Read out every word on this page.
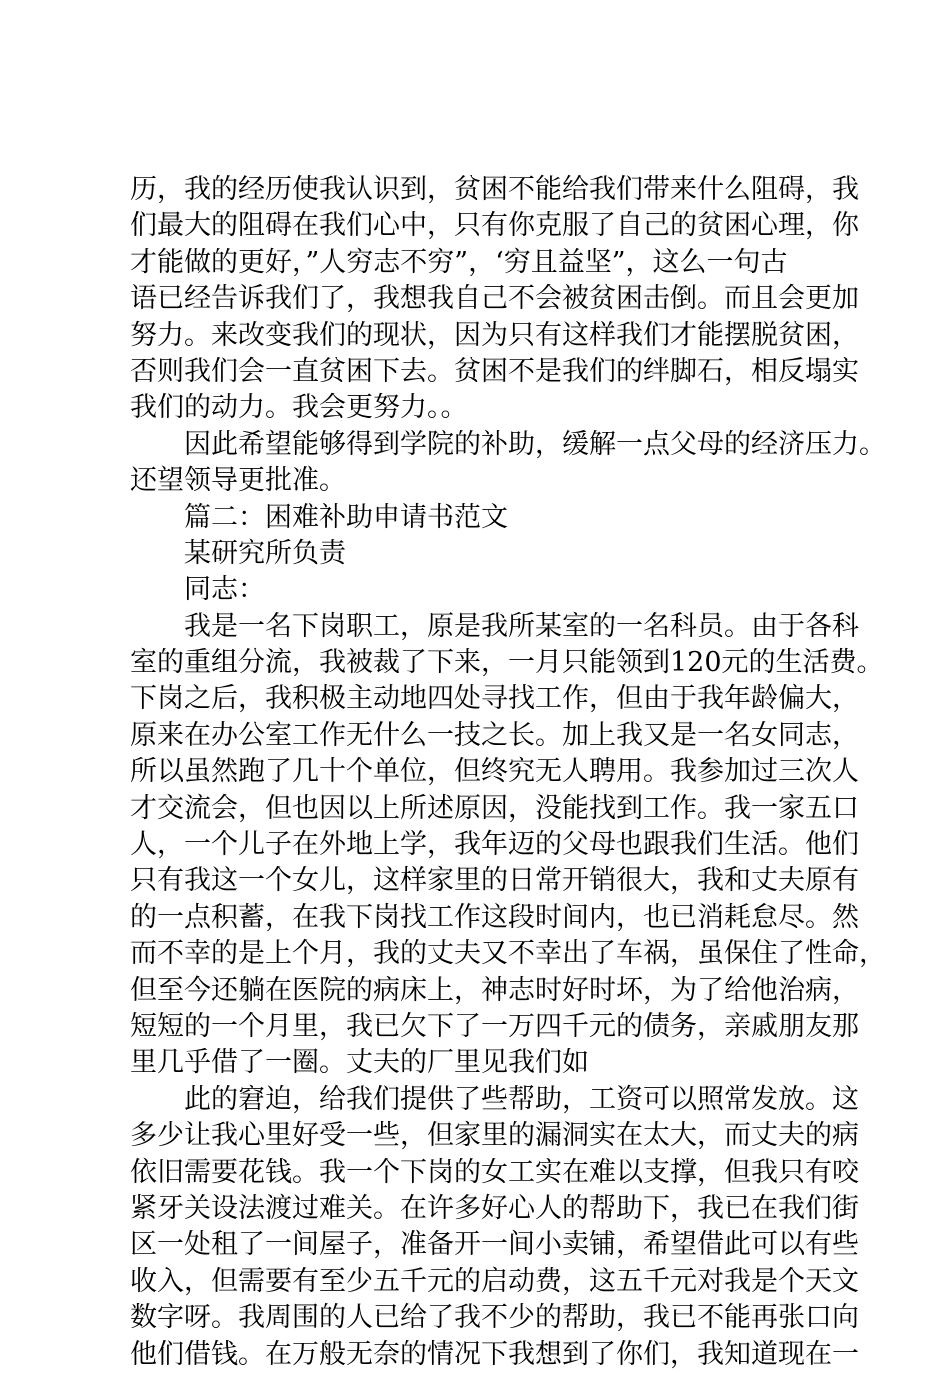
历，我的经历使我认识到，贫困不能给我们带来什么阻碍，我
们最大的阻碍在我们心中，只有你克服了自己的贫困心理，你
才能做的更好，”人穷志不穷”，‘穷且益坚”，这么一句古
语已经告诉我们了，我想我自己不会被贫困击倒。而且会更加
努力。来改变我们的现状，因为只有这样我们才能摆脱贫困，
否则我们会一直贫困下去。贫困不是我们的绊脚石，相反塌实
我们的动力。我会更努力。。
因此希望能够得到学院的补助，缓解一点父母的经济压力。
还望领导更批准。
篇二：困难补助申请书范文
某研究所负责
同志：
我是一名下岗职工，原是我所某室的一名科员。由于各科
室的重组分流，我被裁了下来，一月只能领到120元的生活费。
下岗之后，我积极主动地四处寻找工作，但由于我年龄偏大，
原来在办公室工作无什么一技之长。加上我又是一名女同志，
所以虽然跑了几十个单位，但终究无人聘用。我参加过三次人
才交流会，但也因以上所述原因，没能找到工作。我一家五口
人，一个儿子在外地上学，我年迈的父母也跟我们生活。他们
只有我这一个女儿，这样家里的日常开销很大，我和丈夫原有
的一点积蓄，在我下岗找工作这段时间内，也已消耗怠尽。然
而不幸的是上个月，我的丈夫又不幸出了车祸，虽保住了性命，
但至今还躺在医院的病床上，神志时好时坏，为了给他治病，
短短的一个月里，我已欠下了一万四千元的债务，亲戚朋友那
里几乎借了一圈。丈夫的厂里见我们如
此的窘迫，给我们提供了些帮助，工资可以照常发放。这
多少让我心里好受一些，但家里的漏洞实在太大，而丈夫的病
依旧需要花钱。我一个下岗的女工实在难以支撑，但我只有咬
紧牙关设法渡过难关。在许多好心人的帮助下，我已在我们街
区一处租了一间屋子，准备开一间小卖铺，希望借此可以有些
收入，但需要有至少五千元的启动费，这五千元对我是个天文
数字呀。我周围的人已给了我不少的帮助，我已不能再张口向
他们借钱。在万般无奈的情况下我想到了你们，我知道现在一
